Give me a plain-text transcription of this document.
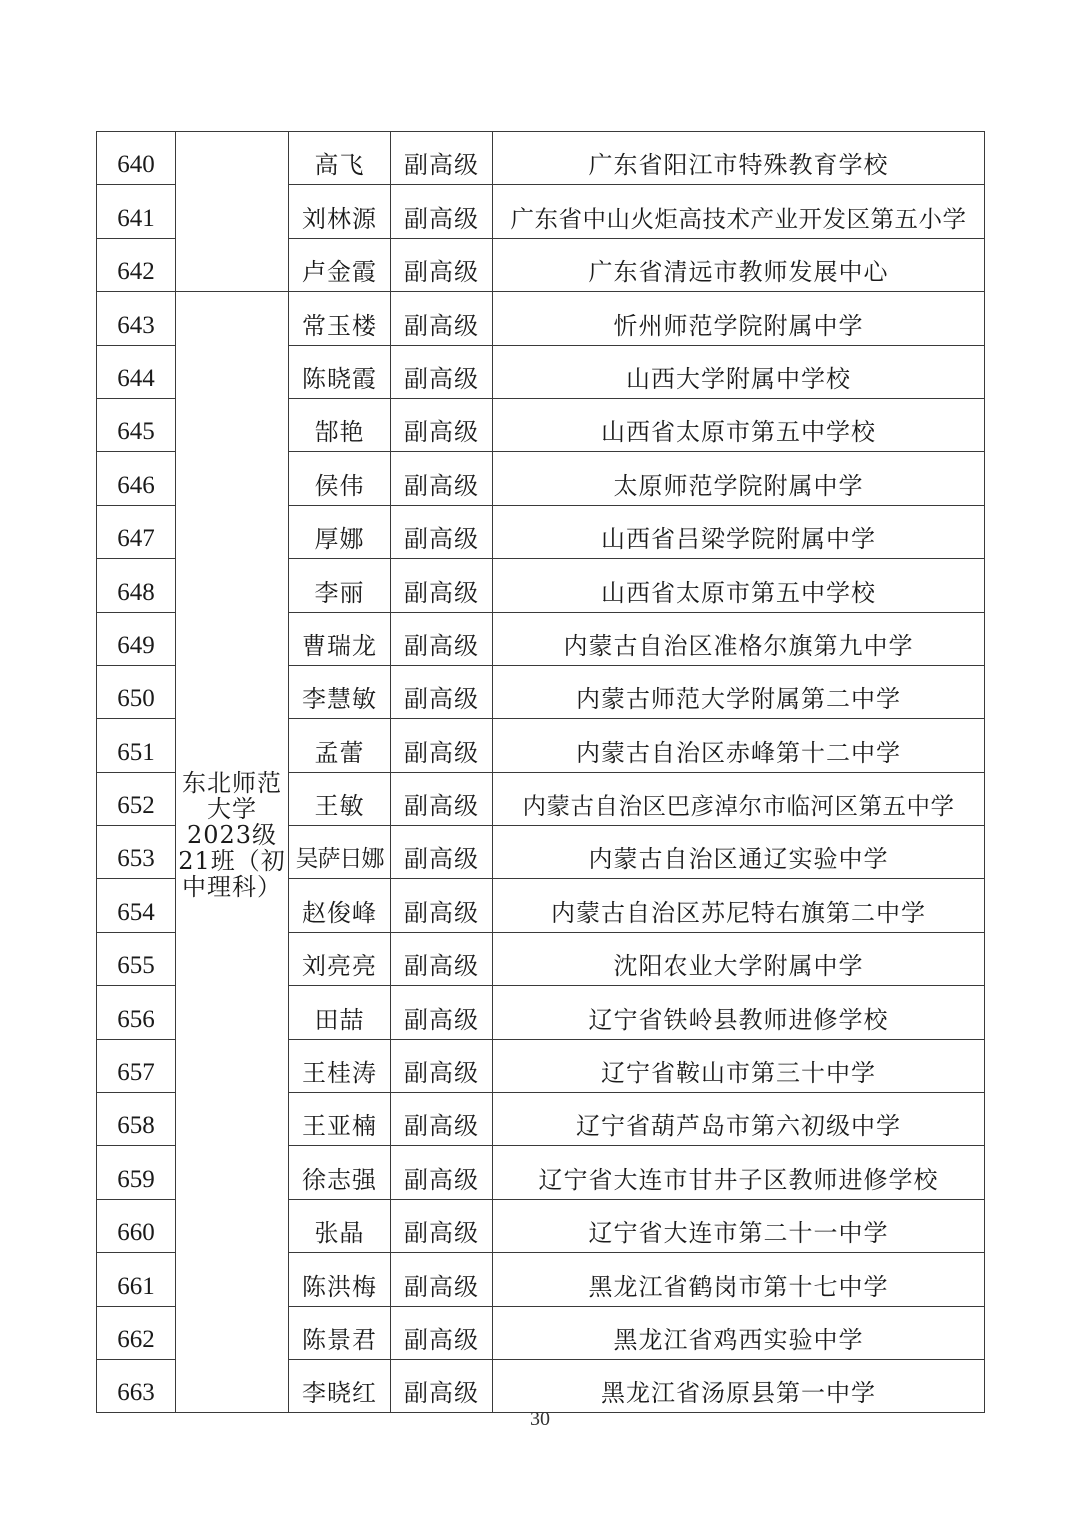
640		高飞	副高级	广东省阳江市特殊教育学校
641		刘林源	副高级	广东省中山火炬高技术产业开发区第五小学
642		卢金霞	副高级	广东省清远市教师发展中心
643	东北师范大学2023级21班（初中理科）	常玉楼	副高级	忻州师范学院附属中学
644		陈晓霞	副高级	山西大学附属中学校
645		郜艳	副高级	山西省太原市第五中学校
646		侯伟	副高级	太原师范学院附属中学
647		厚娜	副高级	山西省吕梁学院附属中学
648		李丽	副高级	山西省太原市第五中学校
649		曹瑞龙	副高级	内蒙古自治区准格尔旗第九中学
650		李慧敏	副高级	内蒙古师范大学附属第二中学
651		孟蕾	副高级	内蒙古自治区赤峰第十二中学
652		王敏	副高级	内蒙古自治区巴彦淖尔市临河区第五中学
653		吴萨日娜	副高级	内蒙古自治区通辽实验中学
654		赵俊峰	副高级	内蒙古自治区苏尼特右旗第二中学
655		刘亮亮	副高级	沈阳农业大学附属中学
656		田喆	副高级	辽宁省铁岭县教师进修学校
657		王桂涛	副高级	辽宁省鞍山市第三十中学
658		王亚楠	副高级	辽宁省葫芦岛市第六初级中学
659		徐志强	副高级	辽宁省大连市甘井子区教师进修学校
660		张晶	副高级	辽宁省大连市第二十一中学
661		陈洪梅	副高级	黑龙江省鹤岗市第十七中学
662		陈景君	副高级	黑龙江省鸡西实验中学
663		李晓红	副高级	黑龙江省汤原县第一中学
30
